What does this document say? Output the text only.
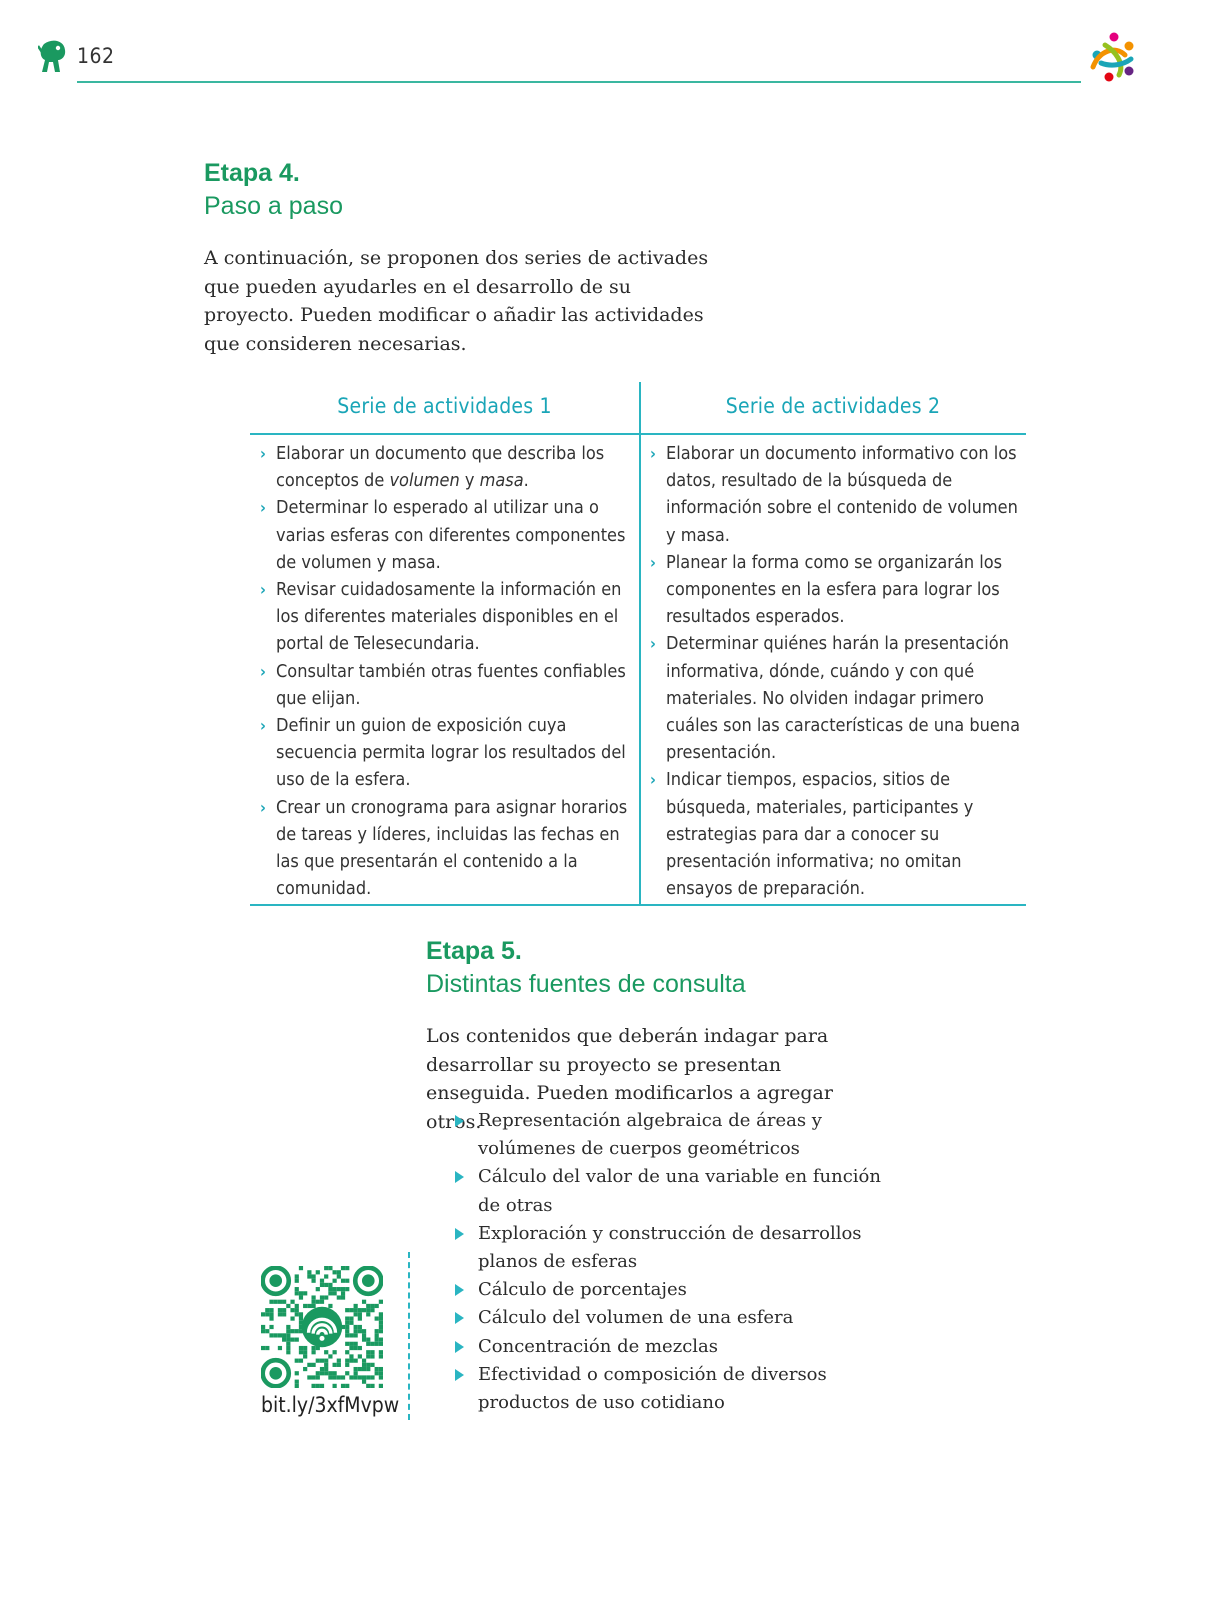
162
Etapa 4.
Paso a paso

A continuación, se proponen dos series de activades que pueden ayudarles en el desarrollo de su proyecto. Pueden modificar o añadir las actividades que consideren necesarias.

Serie de actividades 1	Serie de actividades 2
› Elaborar un documento que describa los conceptos de volumen y masa.
› Determinar lo esperado al utilizar una o varias esferas con diferentes componentes de volumen y masa.
› Revisar cuidadosamente la información en los diferentes materiales disponibles en el portal de Telesecundaria.
› Consultar también otras fuentes confiables que elijan.
› Definir un guion de exposición cuya secuencia permita lograr los resultados del uso de la esfera.
› Crear un cronograma para asignar horarios de tareas y líderes, incluidas las fechas en las que presentarán el contenido a la comunidad.
› Elaborar un documento informativo con los datos, resultado de la búsqueda de información sobre el contenido de volumen y masa.
› Planear la forma como se organizarán los componentes en la esfera para lograr los resultados esperados.
› Determinar quiénes harán la presentación informativa, dónde, cuándo y con qué materiales. No olviden indagar primero cuáles son las características de una buena presentación.
› Indicar tiempos, espacios, sitios de búsqueda, materiales, participantes y estrategias para dar a conocer su presentación informativa; no omitan ensayos de preparación.
Etapa 5.
Distintas fuentes de consulta

Los contenidos que deberán indagar para desarrollar su proyecto se presentan enseguida. Pueden modificarlos a agregar otros.

bit.ly/3xfMvpw

Representación algebraica de áreas y volúmenes de cuerpos geométricos
Cálculo del valor de una variable en función de otras
Exploración y construcción de desarrollos planos de esferas
Cálculo de porcentajes
Cálculo del volumen de una esfera
Concentración de mezclas
Efectividad o composición de diversos productos de uso cotidiano
